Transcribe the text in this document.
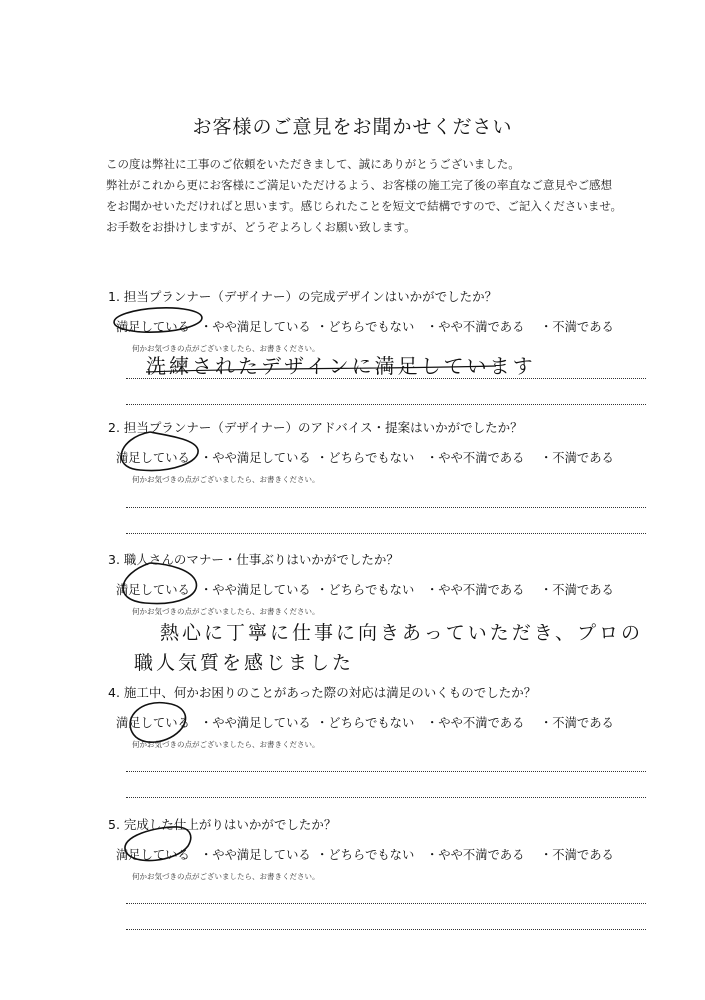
お客様のご意見をお聞かせください
この度は弊社に工事のご依頼をいただきまして、誠にありがとうございました。
弊社がこれから更にお客様にご満足いただけるよう、お客様の施工完了後の率直なご意見やご感想
をお聞かせいただければと思います。感じられたことを短文で結構ですので、ご記入くださいませ。
お手数をお掛けしますが、どうぞよろしくお願い致します。
1. 担当プランナー（デザイナー）の完成デザインはいかがでしたか？
満足している ・やや満足している ・どちらでもない ・やや不満である ・不満である
何かお気づきの点がございましたら、お書きください。
洗練されたデザインに満足しています
2. 担当プランナー（デザイナー）のアドバイス・提案はいかがでしたか？
満足している ・やや満足している ・どちらでもない ・やや不満である ・不満である
何かお気づきの点がございましたら、お書きください。
3. 職人さんのマナー・仕事ぶりはいかがでしたか？
満足している ・やや満足している ・どちらでもない ・やや不満である ・不満である
何かお気づきの点がございましたら、お書きください。
熱心に丁寧に仕事に向きあっていただき、プロの
職人気質を感じました
4. 施工中、何かお困りのことがあった際の対応は満足のいくものでしたか？
満足している ・やや満足している ・どちらでもない ・やや不満である ・不満である
何かお気づきの点がございましたら、お書きください。
5. 完成した仕上がりはいかがでしたか？
満足している ・やや満足している ・どちらでもない ・やや不満である ・不満である
何かお気づきの点がございましたら、お書きください。
